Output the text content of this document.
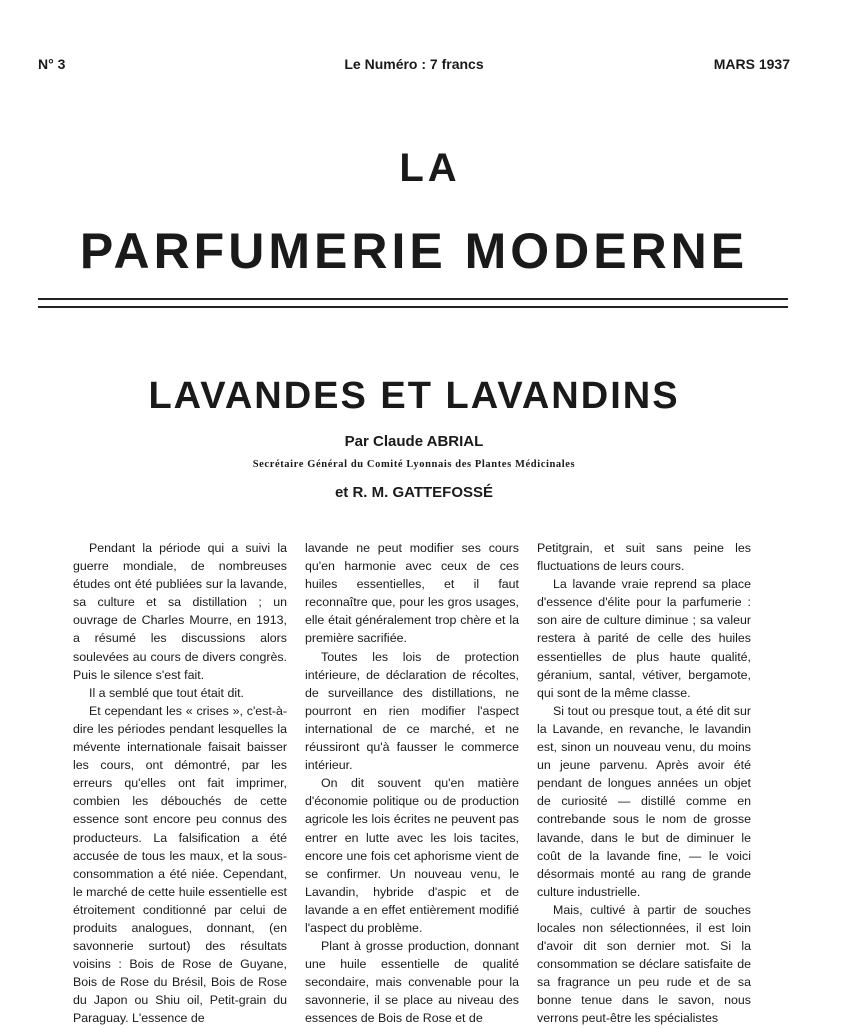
N° 3	Le Numéro : 7 francs	MARS 1937
LA
PARFUMERIE MODERNE
LAVANDES ET LAVANDINS
Par Claude ABRIAL
Secrétaire Général du Comité Lyonnais des Plantes Médicinales
et R. M. GATTEFOSSÉ

Pendant la période qui a suivi la guerre mondiale, de nombreuses études ont été publiées sur la lavande, sa culture et sa distillation ; un ouvrage de Charles Mourre, en 1913, a résumé les discussions alors soulevées au cours de divers congrès. Puis le silence s'est fait.

Il a semblé que tout était dit.

Et cependant les « crises », c'est-à-dire les périodes pendant lesquelles la mévente internationale faisait baisser les cours, ont démontré, par les erreurs qu'elles ont fait imprimer, combien les débouchés de cette essence sont encore peu connus des producteurs. La falsification a été accusée de tous les maux, et la sous-consommation a été niée. Cependant, le marché de cette huile essentielle est étroitement conditionné par celui de produits analogues, donnant, (en savonnerie surtout) des résultats voisins : Bois de Rose de Guyane, Bois de Rose du Brésil, Bois de Rose du Japon ou Shiu oil, Petit-grain du Paraguay. L'essence de

lavande ne peut modifier ses cours qu'en harmonie avec ceux de ces huiles essentielles, et il faut reconnaître que, pour les gros usages, elle était généralement trop chère et la première sacrifiée.

Toutes les lois de protection intérieure, de déclaration de récoltes, de surveillance des distillations, ne pourront en rien modifier l'aspect international de ce marché, et ne réussiront qu'à fausser le commerce intérieur.

On dit souvent qu'en matière d'économie politique ou de production agricole les lois écrites ne peuvent pas entrer en lutte avec les lois tacites, encore une fois cet aphorisme vient de se confirmer. Un nouveau venu, le Lavandin, hybride d'aspic et de lavande a en effet entièrement modifié l'aspect du problème.

Plant à grosse production, donnant une huile essentielle de qualité secondaire, mais convenable pour la savonnerie, il se place au niveau des essences de Bois de Rose et de

Petitgrain, et suit sans peine les fluctuations de leurs cours.

La lavande vraie reprend sa place d'essence d'élite pour la parfumerie : son aire de culture diminue ; sa valeur restera à parité de celle des huiles essentielles de plus haute qualité, géranium, santal, vétiver, bergamote, qui sont de la même classe.

Si tout ou presque tout, a été dit sur la Lavande, en revanche, le lavandin est, sinon un nouveau venu, du moins un jeune parvenu. Après avoir été pendant de longues années un objet de curiosité — distillé comme en contrebande sous le nom de grosse lavande, dans le but de diminuer le coût de la lavande fine, — le voici désormais monté au rang de grande culture industrielle.

Mais, cultivé à partir de souches locales non sélectionnées, il est loin d'avoir dit son dernier mot. Si la consommation se déclare satisfaite de sa fragrance un peu rude et de sa bonne tenue dans le savon, nous verrons peut-être les spécialistes
